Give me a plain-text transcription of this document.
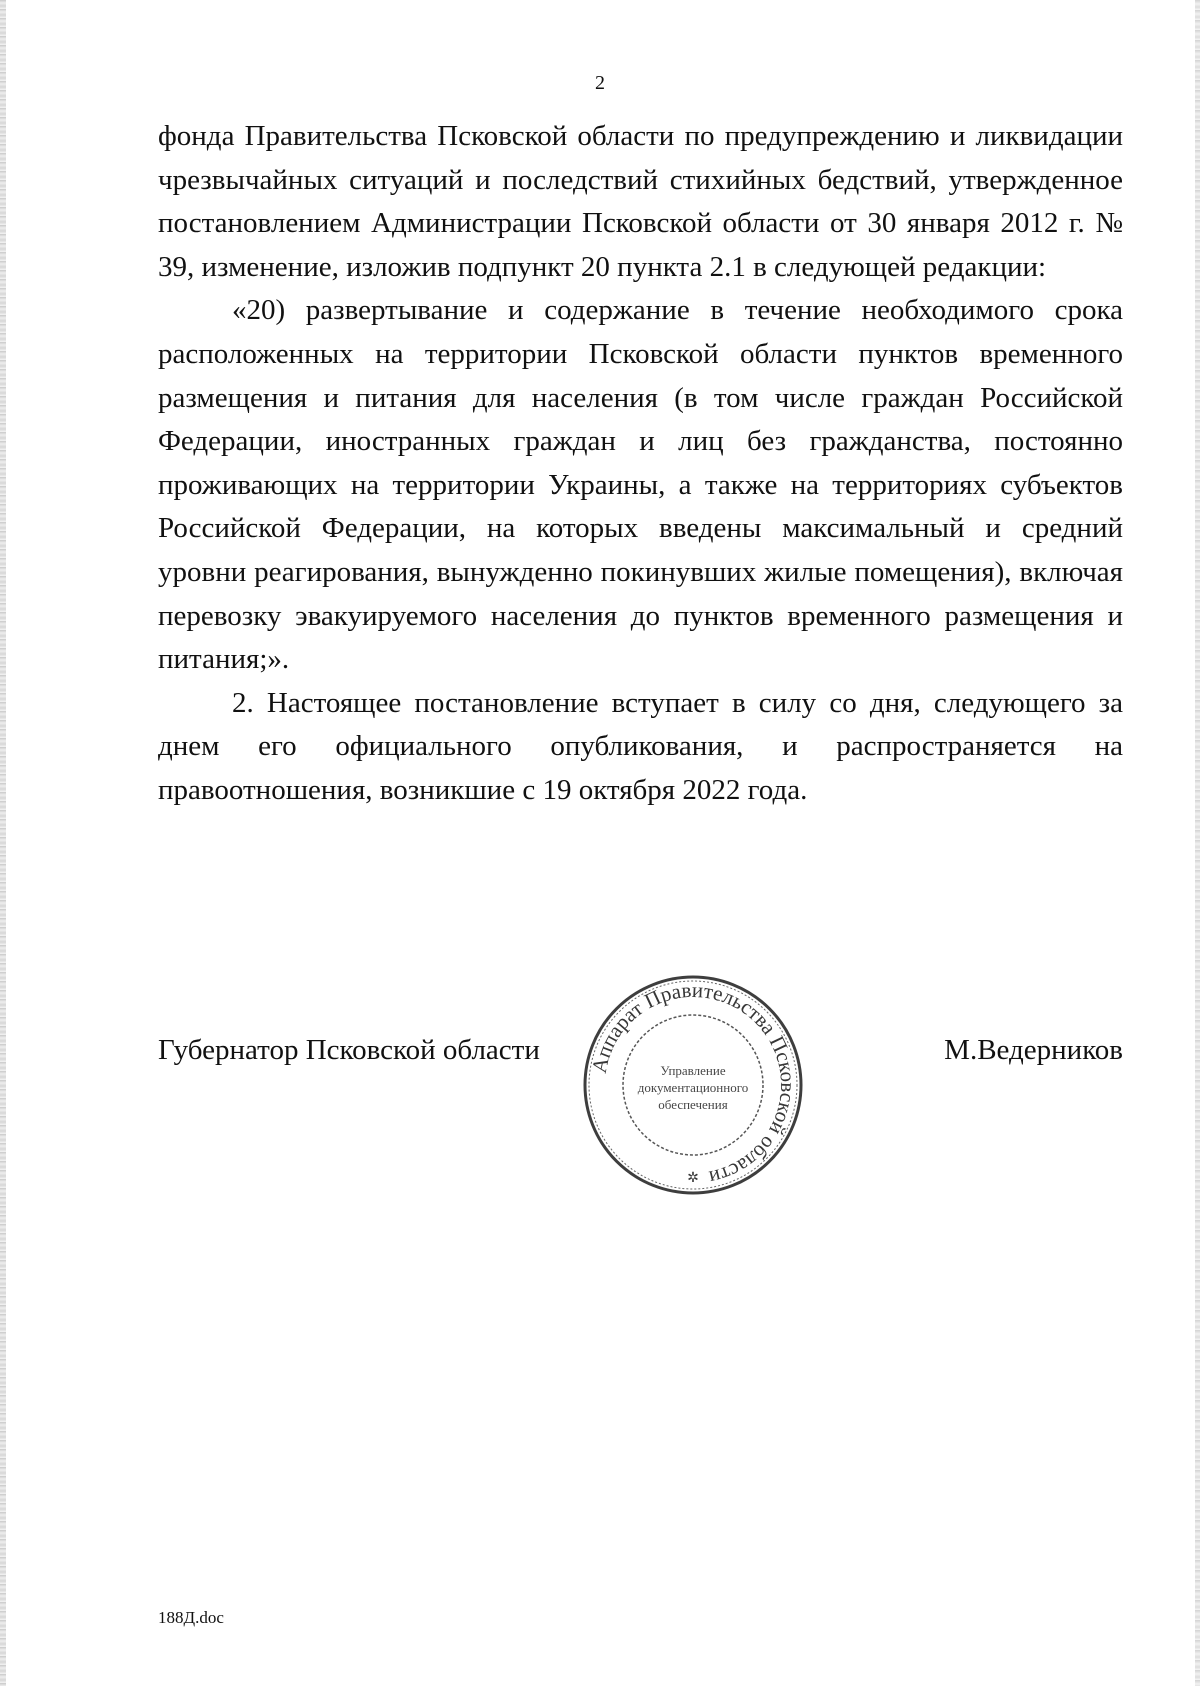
2

фонда Правительства Псковской области по предупреждению и ликвидации чрезвычайных ситуаций и последствий стихийных бедствий, утвержденное постановлением Администрации Псковской области от 30 января 2012 г. № 39, изменение, изложив подпункт 20 пункта 2.1 в следующей редакции:

«20) развертывание и содержание в течение необходимого срока расположенных на территории Псковской области пунктов временного размещения и питания для населения (в том числе граждан Российской Федерации, иностранных граждан и лиц без гражданства, постоянно проживающих на территории Украины, а также на территориях субъектов Российской Федерации, на которых введены максимальный и средний уровни реагирования, вынужденно покинувших жилые помещения), включая перевозку эвакуируемого населения до пунктов временного размещения и питания;».

2. Настоящее постановление вступает в силу со дня, следующего за днем его официального опубликования, и распространяется на правоотношения, возникшие с 19 октября 2022 года.

Губернатор Псковской области	М.Ведерников
Аппарат Правительства Псковской области
Управление
документационного
обеспечения
✲
188Д.doc
